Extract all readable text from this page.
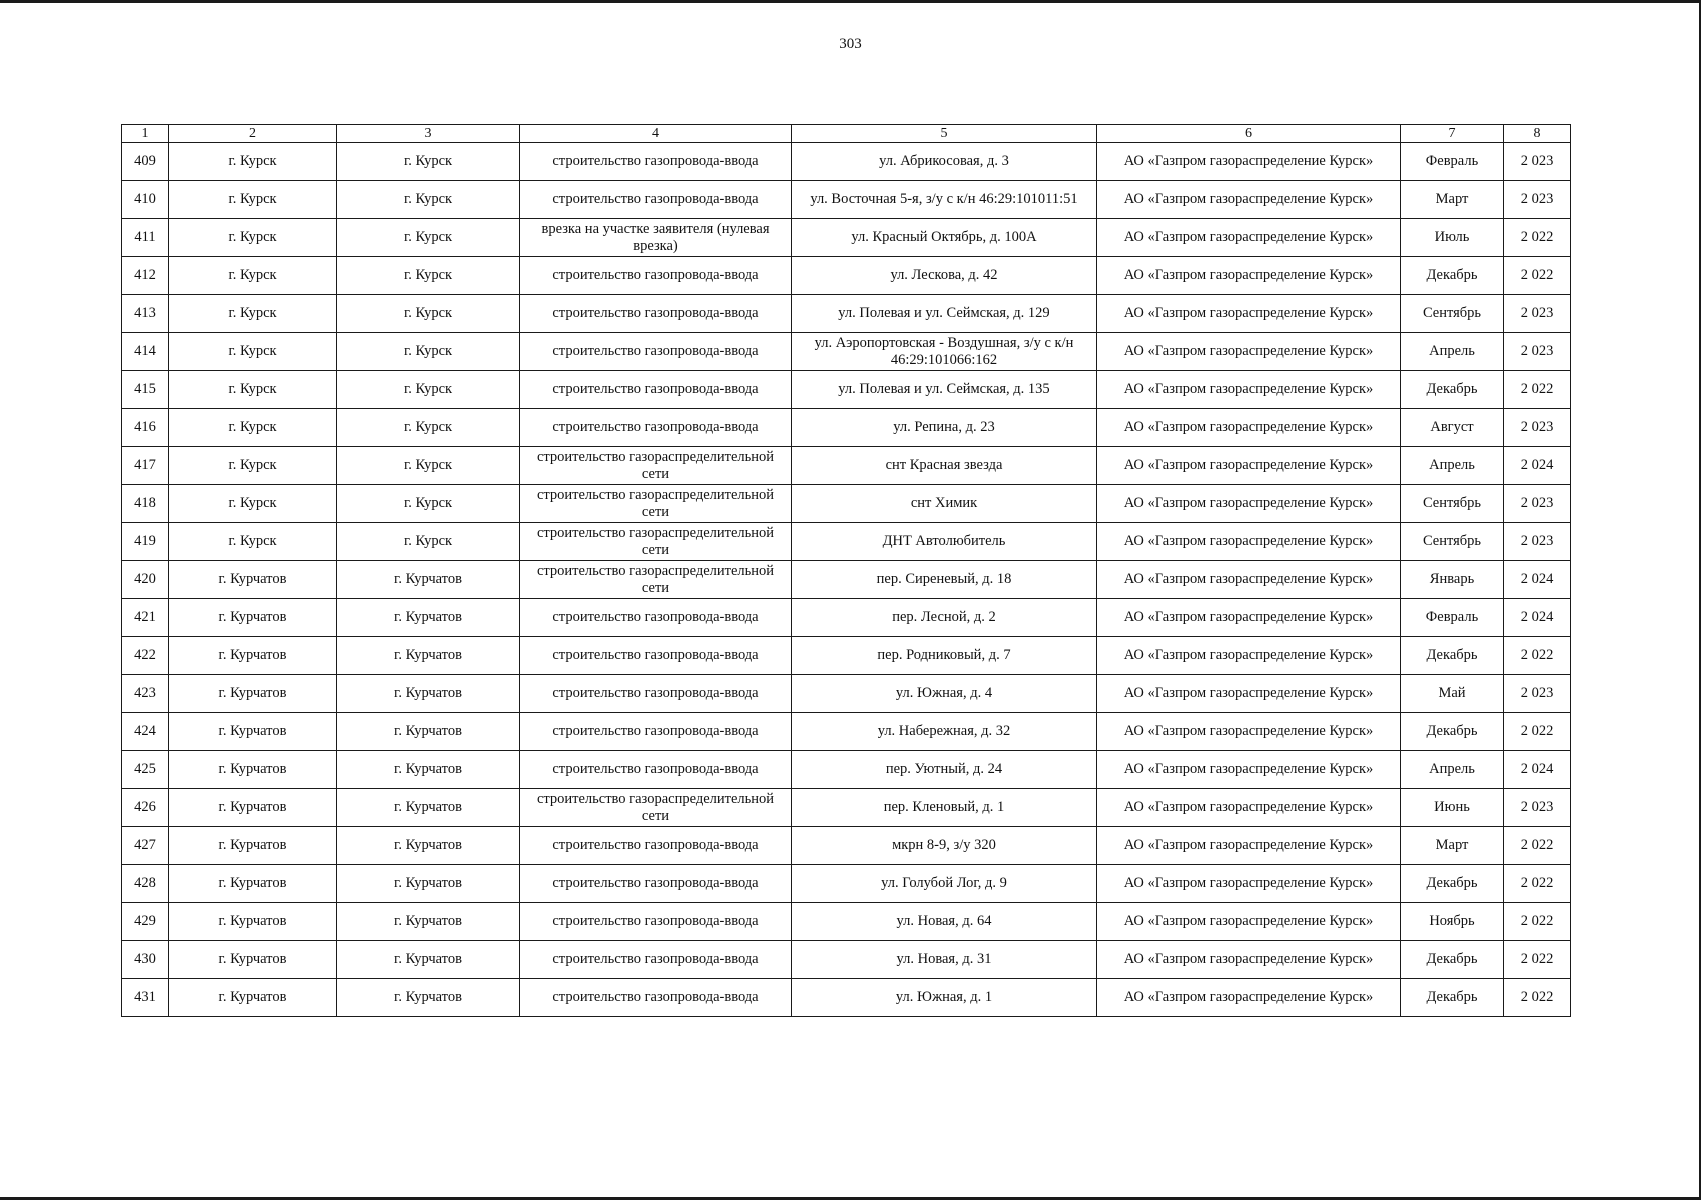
303
1	2	3	4	5	6	7	8
409	г. Курск	г. Курск	строительство газопровода-ввода	ул. Абрикосовая, д. 3	АО «Газпром газораспределение Курск»	Февраль	2 023
410	г. Курск	г. Курск	строительство газопровода-ввода	ул. Восточная 5-я, з/у с к/н 46:29:101011:51	АО «Газпром газораспределение Курск»	Март	2 023
411	г. Курск	г. Курск	врезка на участке заявителя (нулевая врезка)	ул. Красный Октябрь, д. 100А	АО «Газпром газораспределение Курск»	Июль	2 022
412	г. Курск	г. Курск	строительство газопровода-ввода	ул. Лескова, д. 42	АО «Газпром газораспределение Курск»	Декабрь	2 022
413	г. Курск	г. Курск	строительство газопровода-ввода	ул. Полевая и ул. Сеймская, д. 129	АО «Газпром газораспределение Курск»	Сентябрь	2 023
414	г. Курск	г. Курск	строительство газопровода-ввода	ул. Аэропортовская - Воздушная, з/у с к/н 46:29:101066:162	АО «Газпром газораспределение Курск»	Апрель	2 023
415	г. Курск	г. Курск	строительство газопровода-ввода	ул. Полевая и ул. Сеймская, д. 135	АО «Газпром газораспределение Курск»	Декабрь	2 022
416	г. Курск	г. Курск	строительство газопровода-ввода	ул. Репина, д. 23	АО «Газпром газораспределение Курск»	Август	2 023
417	г. Курск	г. Курск	строительство газораспределительной сети	снт Красная звезда	АО «Газпром газораспределение Курск»	Апрель	2 024
418	г. Курск	г. Курск	строительство газораспределительной сети	снт Химик	АО «Газпром газораспределение Курск»	Сентябрь	2 023
419	г. Курск	г. Курск	строительство газораспределительной сети	ДНТ Автолюбитель	АО «Газпром газораспределение Курск»	Сентябрь	2 023
420	г. Курчатов	г. Курчатов	строительство газораспределительной сети	пер. Сиреневый, д. 18	АО «Газпром газораспределение Курск»	Январь	2 024
421	г. Курчатов	г. Курчатов	строительство газопровода-ввода	пер. Лесной, д. 2	АО «Газпром газораспределение Курск»	Февраль	2 024
422	г. Курчатов	г. Курчатов	строительство газопровода-ввода	пер. Родниковый, д. 7	АО «Газпром газораспределение Курск»	Декабрь	2 022
423	г. Курчатов	г. Курчатов	строительство газопровода-ввода	ул. Южная, д. 4	АО «Газпром газораспределение Курск»	Май	2 023
424	г. Курчатов	г. Курчатов	строительство газопровода-ввода	ул. Набережная, д. 32	АО «Газпром газораспределение Курск»	Декабрь	2 022
425	г. Курчатов	г. Курчатов	строительство газопровода-ввода	пер. Уютный, д. 24	АО «Газпром газораспределение Курск»	Апрель	2 024
426	г. Курчатов	г. Курчатов	строительство газораспределительной сети	пер. Кленовый, д. 1	АО «Газпром газораспределение Курск»	Июнь	2 023
427	г. Курчатов	г. Курчатов	строительство газопровода-ввода	мкрн 8-9, з/у 320	АО «Газпром газораспределение Курск»	Март	2 022
428	г. Курчатов	г. Курчатов	строительство газопровода-ввода	ул. Голубой Лог, д. 9	АО «Газпром газораспределение Курск»	Декабрь	2 022
429	г. Курчатов	г. Курчатов	строительство газопровода-ввода	ул. Новая, д. 64	АО «Газпром газораспределение Курск»	Ноябрь	2 022
430	г. Курчатов	г. Курчатов	строительство газопровода-ввода	ул. Новая, д. 31	АО «Газпром газораспределение Курск»	Декабрь	2 022
431	г. Курчатов	г. Курчатов	строительство газопровода-ввода	ул. Южная, д. 1	АО «Газпром газораспределение Курск»	Декабрь	2 022
